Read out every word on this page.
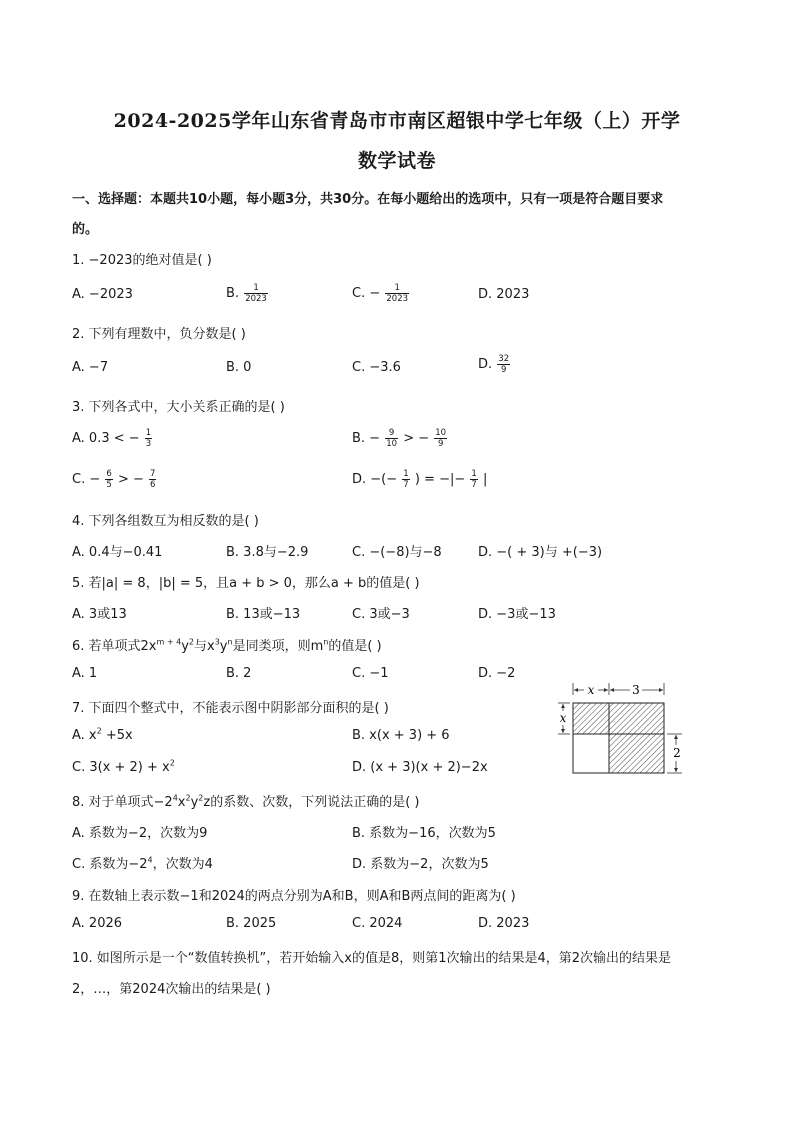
2024-2025学年山东省青岛市市南区超银中学七年级（上）开学
数学试卷
一、选择题：本题共10小题，每小题3分，共30分。在每小题给出的选项中，只有一项是符合题目要求
的。
1. −2023的绝对值是( )
A. −2023	B. $\frac{1}{2023}$	C. − $\frac{1}{2023}$	D. 2023
2. 下列有理数中，负分数是( )
A. −7	B. 0	C. −3.6	D. $\frac{32}{9}$
3. 下列各式中，大小关系正确的是( )
A. 0.3 < − $\frac{1}{3}$	B. − $\frac{9}{10}$ > − $\frac{10}{9}$
C. − $\frac{6}{5}$ > − $\frac{7}{6}$	D. −(− $\frac{1}{7}$ ) = −|− $\frac{1}{7}$ |
4. 下列各组数互为相反数的是( )
A. 0.4与−0.41	B. 3.8与−2.9	C. −(−8)与−8	D. −( + 3)与 +(−3)
5. 若|a| = 8，|b| = 5，且a + b > 0，那么a + b的值是( )
A. 3或13	B. 13或−13	C. 3或−3	D. −3或−13
6. 若单项式$2x^{m + 4}y^2$与$x^3y^n$是同类项，则$m^n$的值是( )
A. 1	B. 2	C. −1	D. −2
7. 下面四个整式中，不能表示图中阴影部分面积的是( )
A. $x^2 +5x$	B. x(x + 3) + 6
C. $3(x + 2) + x^2$	D. (x + 3)(x + 2)−2x
x	3
x
2
8. 对于单项式$-2^4x^2y^2z$的系数、次数，下列说法正确的是( )
A. 系数为−2，次数为9	B. 系数为−16，次数为5
C. 系数为$-2^4$，次数为4	D. 系数为−2，次数为5
9. 在数轴上表示数−1和2024的两点分别为A和B，则A和B两点间的距离为( )
A. 2026	B. 2025	C. 2024	D. 2023
10. 如图所示是一个“数值转换机”，若开始输入x的值是8，则第1次输出的结果是4，第2次输出的结果是
2，…，第2024次输出的结果是( )
